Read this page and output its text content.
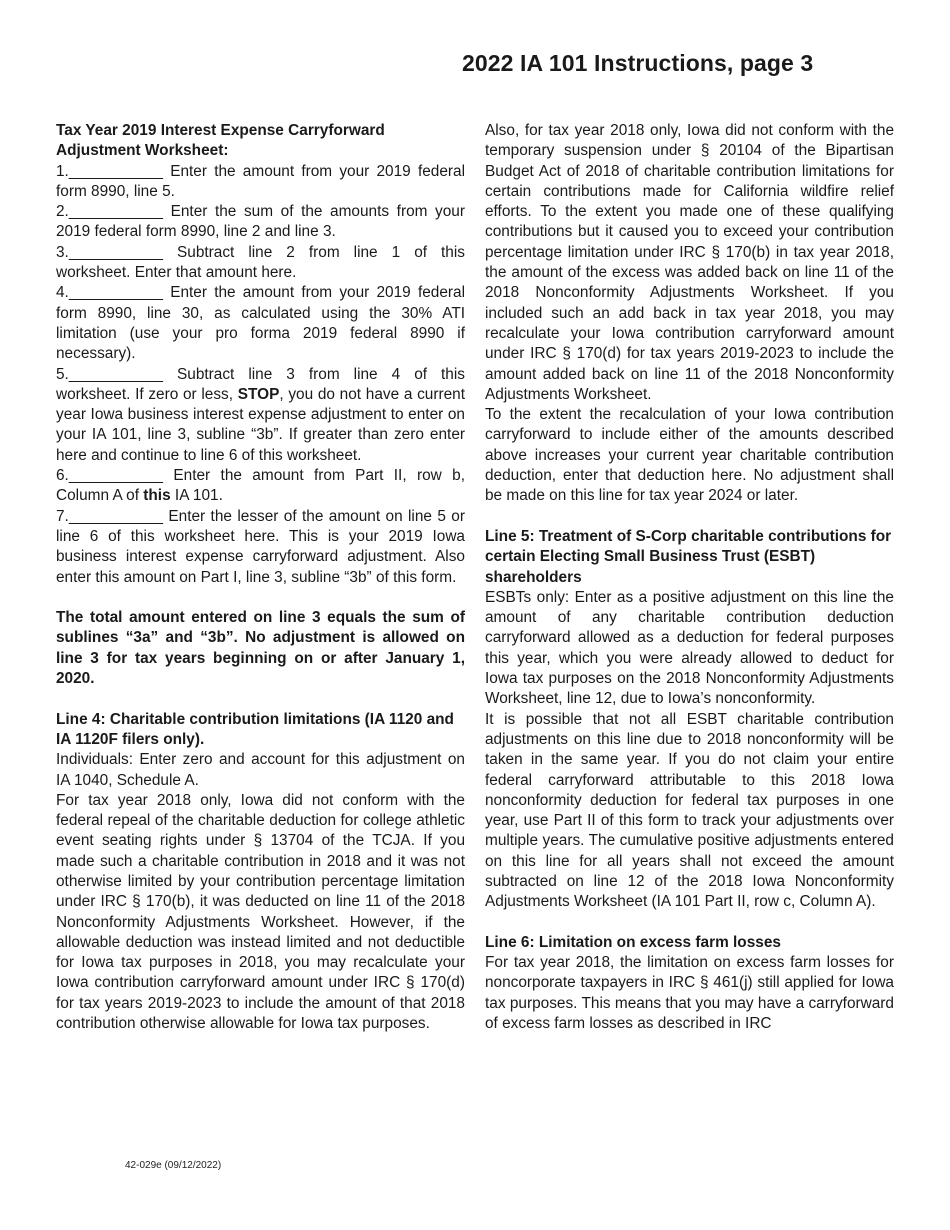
2022 IA 101 Instructions, page 3
Tax Year 2019 Interest Expense Carryforward Adjustment Worksheet:

1.___________ Enter the amount from your 2019 federal form 8990, line 5.

2.___________ Enter the sum of the amounts from your 2019 federal form 8990, line 2 and line 3.

3.___________ Subtract line 2 from line 1 of this worksheet. Enter that amount here.

4.___________ Enter the amount from your 2019 federal form 8990, line 30, as calculated using the 30% ATI limitation (use your pro forma 2019 federal 8990 if necessary).

5.___________ Subtract line 3 from line 4 of this worksheet. If zero or less, STOP, you do not have a current year Iowa business interest expense adjustment to enter on your IA 101, line 3, subline “3b”. If greater than zero enter here and continue to line 6 of this worksheet.

6.___________ Enter the amount from Part II, row b, Column A of this IA 101.

7.___________ Enter the lesser of the amount on line 5 or line 6 of this worksheet here. This is your 2019 Iowa business interest expense carryforward adjustment. Also enter this amount on Part I, line 3, subline “3b” of this form.

The total amount entered on line 3 equals the sum of sublines “3a” and “3b”. No adjustment is allowed on line 3 for tax years beginning on or after January 1, 2020.

Line 4: Charitable contribution limitations (IA 1120 and IA 1120F filers only).

Individuals: Enter zero and account for this adjustment on IA 1040, Schedule A.

For tax year 2018 only, Iowa did not conform with the federal repeal of the charitable deduction for college athletic event seating rights under § 13704 of the TCJA. If you made such a charitable contribution in 2018 and it was not otherwise limited by your contribution percentage limitation under IRC § 170(b), it was deducted on line 11 of the 2018 Nonconformity Adjustments Worksheet. However, if the allowable deduction was instead limited and not deductible for Iowa tax purposes in 2018, you may recalculate your Iowa contribution carryforward amount under IRC § 170(d) for tax years 2019-2023 to include the amount of that 2018 contribution otherwise allowable for Iowa tax purposes.

Also, for tax year 2018 only, Iowa did not conform with the temporary suspension under § 20104 of the Bipartisan Budget Act of 2018 of charitable contribution limitations for certain contributions made for California wildfire relief efforts. To the extent you made one of these qualifying contributions but it caused you to exceed your contribution percentage limitation under IRC § 170(b) in tax year 2018, the amount of the excess was added back on line 11 of the 2018 Nonconformity Adjustments Worksheet. If you included such an add back in tax year 2018, you may recalculate your Iowa contribution carryforward amount under IRC § 170(d) for tax years 2019-2023 to include the amount added back on line 11 of the 2018 Nonconformity Adjustments Worksheet.

To the extent the recalculation of your Iowa contribution carryforward to include either of the amounts described above increases your current year charitable contribution deduction, enter that deduction here. No adjustment shall be made on this line for tax year 2024 or later.

Line 5: Treatment of S-Corp charitable contributions for certain Electing Small Business Trust (ESBT) shareholders

ESBTs only: Enter as a positive adjustment on this line the amount of any charitable contribution deduction carryforward allowed as a deduction for federal purposes this year, which you were already allowed to deduct for Iowa tax purposes on the 2018 Nonconformity Adjustments Worksheet, line 12, due to Iowa’s nonconformity.

It is possible that not all ESBT charitable contribution adjustments on this line due to 2018 nonconformity will be taken in the same year. If you do not claim your entire federal carryforward attributable to this 2018 Iowa nonconformity deduction for federal tax purposes in one year, use Part II of this form to track your adjustments over multiple years. The cumulative positive adjustments entered on this line for all years shall not exceed the amount subtracted on line 12 of the 2018 Iowa Nonconformity Adjustments Worksheet (IA 101 Part II, row c, Column A).

Line 6: Limitation on excess farm losses

For tax year 2018, the limitation on excess farm losses for noncorporate taxpayers in IRC § 461(j) still applied for Iowa tax purposes. This means that you may have a carryforward of excess farm losses as described in IRC

42-029e (09/12/2022)
